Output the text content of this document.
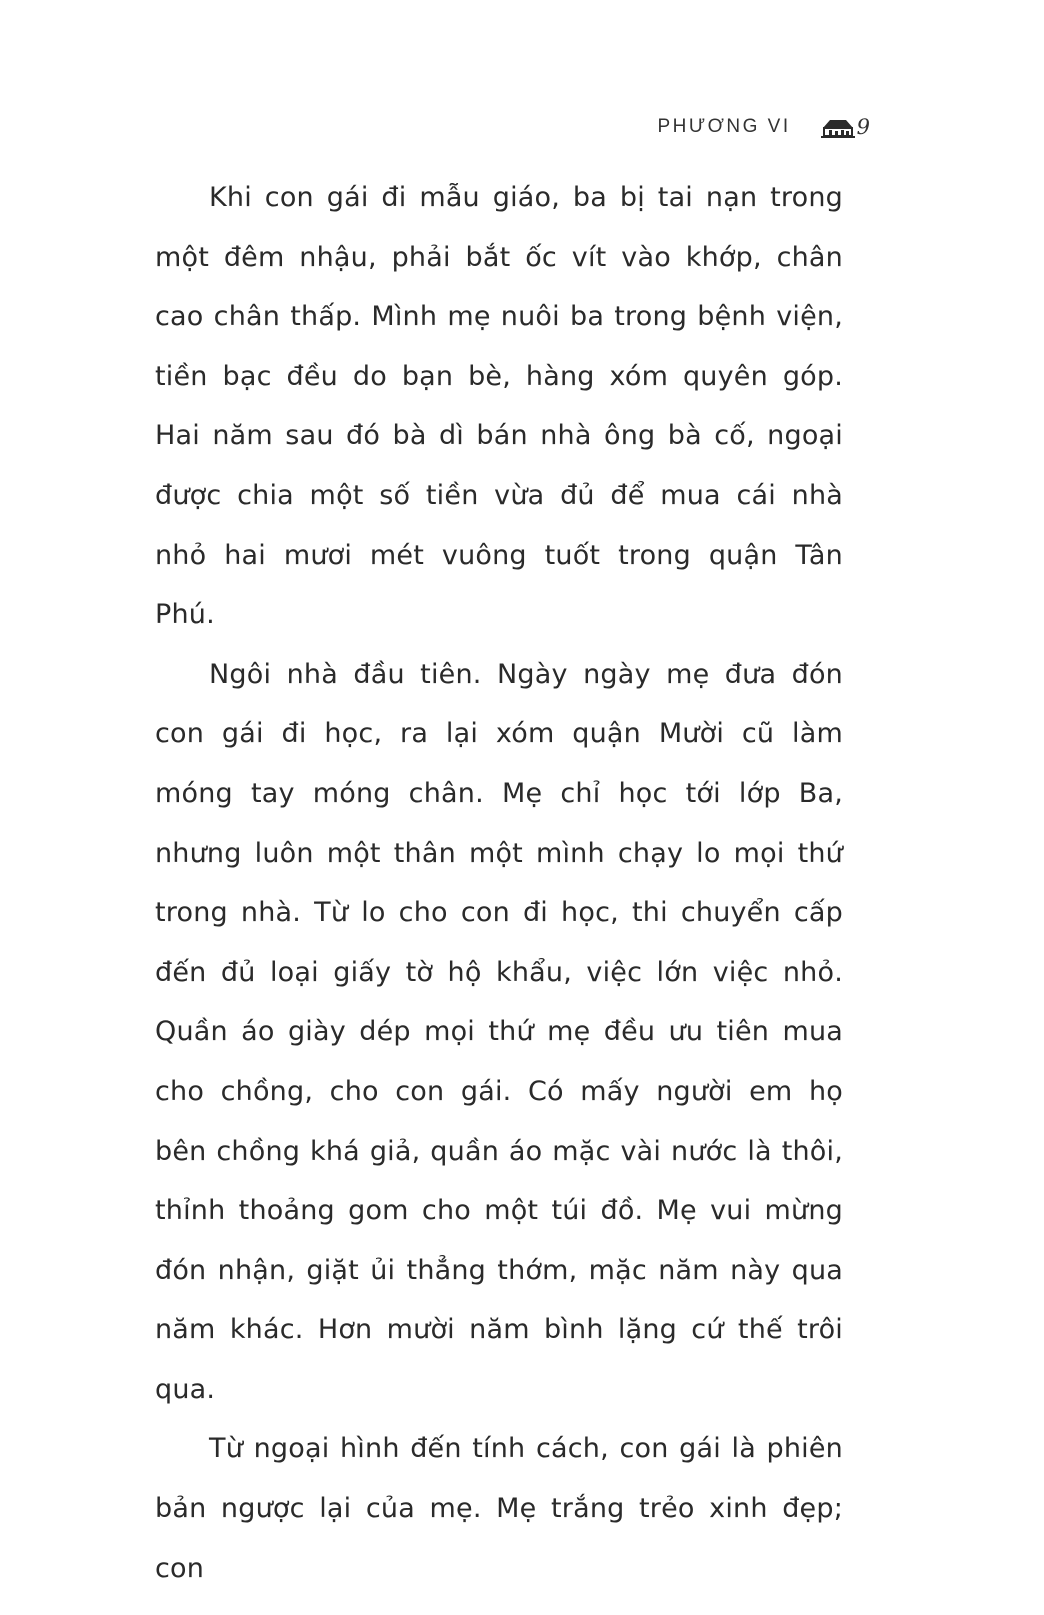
PHƯƠNG VI	9

Khi con gái đi mẫu giáo, ba bị tai nạn trong một đêm nhậu, phải bắt ốc vít vào khớp, chân cao chân thấp. Mình mẹ nuôi ba trong bệnh viện, tiền bạc đều do bạn bè, hàng xóm quyên góp. Hai năm sau đó bà dì bán nhà ông bà cố, ngoại được chia một số tiền vừa đủ để mua cái nhà nhỏ hai mươi mét vuông tuốt trong quận Tân Phú.

Ngôi nhà đầu tiên. Ngày ngày mẹ đưa đón con gái đi học, ra lại xóm quận Mười cũ làm móng tay móng chân. Mẹ chỉ học tới lớp Ba, nhưng luôn một thân một mình chạy lo mọi thứ trong nhà. Từ lo cho con đi học, thi chuyển cấp đến đủ loại giấy tờ hộ khẩu, việc lớn việc nhỏ. Quần áo giày dép mọi thứ mẹ đều ưu tiên mua cho chồng, cho con gái. Có mấy người em họ bên chồng khá giả, quần áo mặc vài nước là thôi, thỉnh thoảng gom cho một túi đồ. Mẹ vui mừng đón nhận, giặt ủi thẳng thớm, mặc năm này qua năm khác. Hơn mười năm bình lặng cứ thế trôi qua.

Từ ngoại hình đến tính cách, con gái là phiên bản ngược lại của mẹ. Mẹ trắng trẻo xinh đẹp; con
